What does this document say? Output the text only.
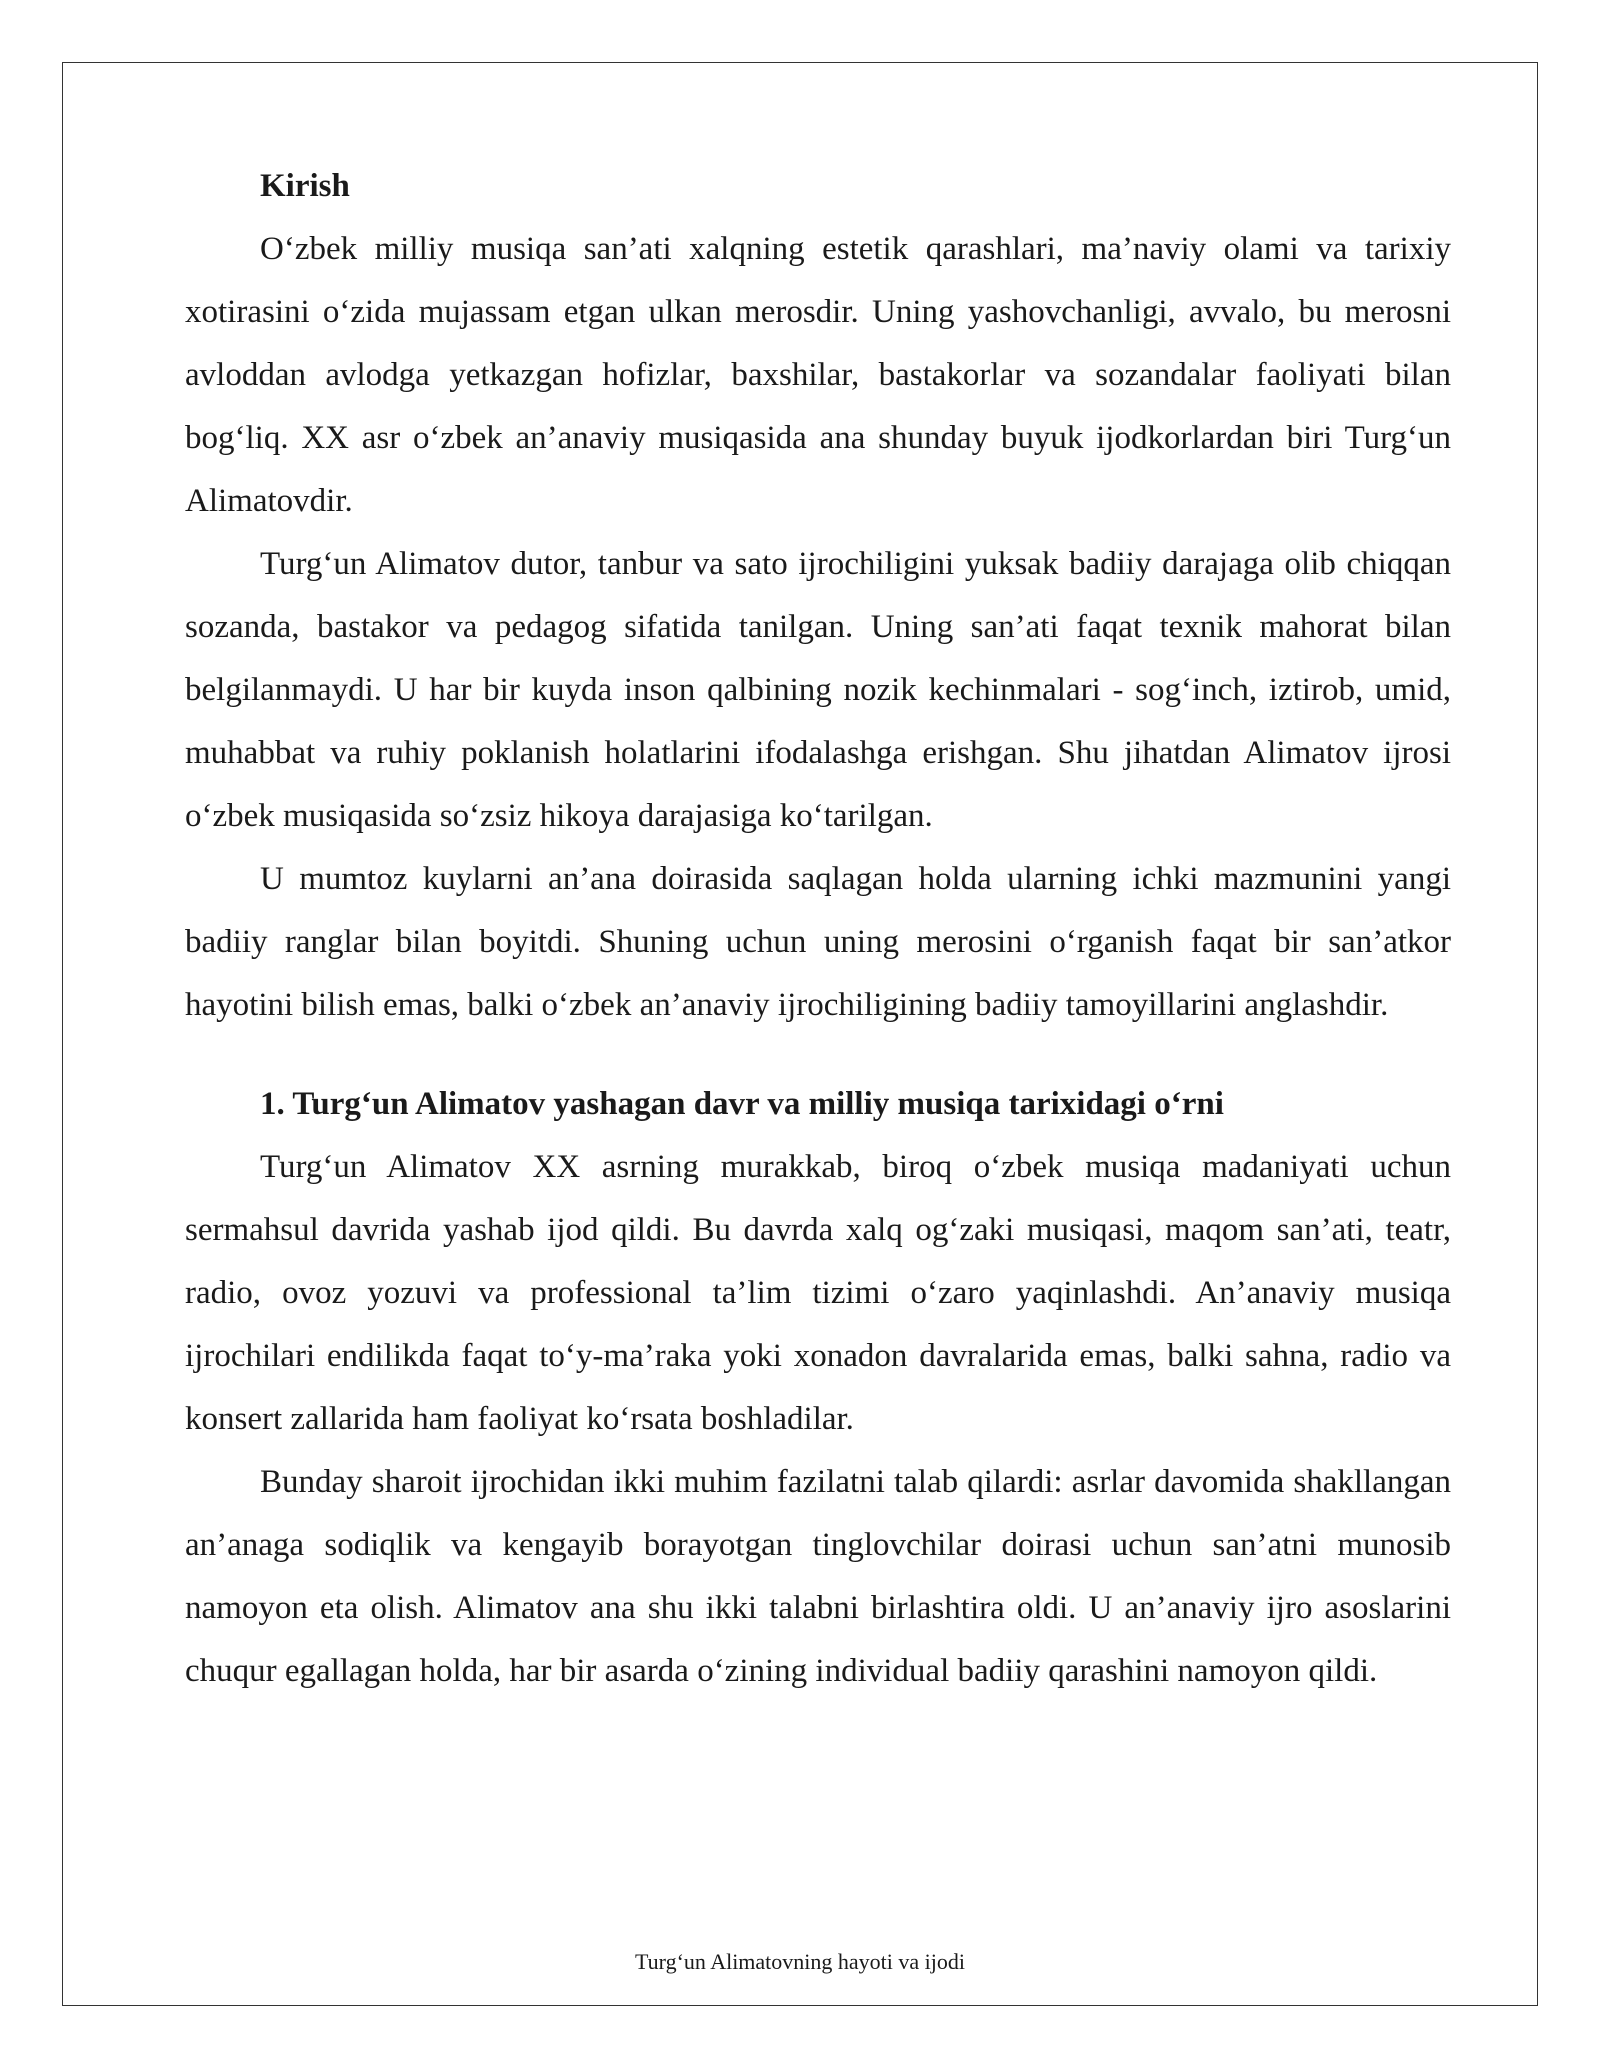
Kirish

O‘zbek milliy musiqa san’ati xalqning estetik qarashlari, ma’naviy olami va tarixiy xotirasini o‘zida mujassam etgan ulkan merosdir. Uning yashovchanligi, avvalo, bu merosni avloddan avlodga yetkazgan hofizlar, baxshilar, bastakorlar va sozandalar faoliyati bilan bog‘liq. XX asr o‘zbek an’anaviy musiqasida ana shunday buyuk ijodkorlardan biri Turg‘un Alimatovdir.

Turg‘un Alimatov dutor, tanbur va sato ijrochiligini yuksak badiiy darajaga olib chiqqan sozanda, bastakor va pedagog sifatida tanilgan. Uning san’ati faqat texnik mahorat bilan belgilanmaydi. U har bir kuyda inson qalbining nozik kechinmalari - sog‘inch, iztirob, umid, muhabbat va ruhiy poklanish holatlarini ifodalashga erishgan. Shu jihatdan Alimatov ijrosi o‘zbek musiqasida so‘zsiz hikoya darajasiga ko‘tarilgan.

U mumtoz kuylarni an’ana doirasida saqlagan holda ularning ichki mazmunini yangi badiiy ranglar bilan boyitdi. Shuning uchun uning merosini o‘rganish faqat bir san’atkor hayotini bilish emas, balki o‘zbek an’anaviy ijrochiligining badiiy tamoyillarini anglashdir.

1. Turg‘un Alimatov yashagan davr va milliy musiqa tarixidagi o‘rni

Turg‘un Alimatov XX asrning murakkab, biroq o‘zbek musiqa madaniyati uchun sermahsul davrida yashab ijod qildi. Bu davrda xalq og‘zaki musiqasi, maqom san’ati, teatr, radio, ovoz yozuvi va professional ta’lim tizimi o‘zaro yaqinlashdi. An’anaviy musiqa ijrochilari endilikda faqat to‘y-ma’raka yoki xonadon davralarida emas, balki sahna, radio va konsert zallarida ham faoliyat ko‘rsata boshladilar.

Bunday sharoit ijrochidan ikki muhim fazilatni talab qilardi: asrlar davomida shakllangan an’anaga sodiqlik va kengayib borayotgan tinglovchilar doirasi uchun san’atni munosib namoyon eta olish. Alimatov ana shu ikki talabni birlashtira oldi. U an’anaviy ijro asoslarini chuqur egallagan holda, har bir asarda o‘zining individual badiiy qarashini namoyon qildi.

Turg‘un Alimatovning hayoti va ijodi
